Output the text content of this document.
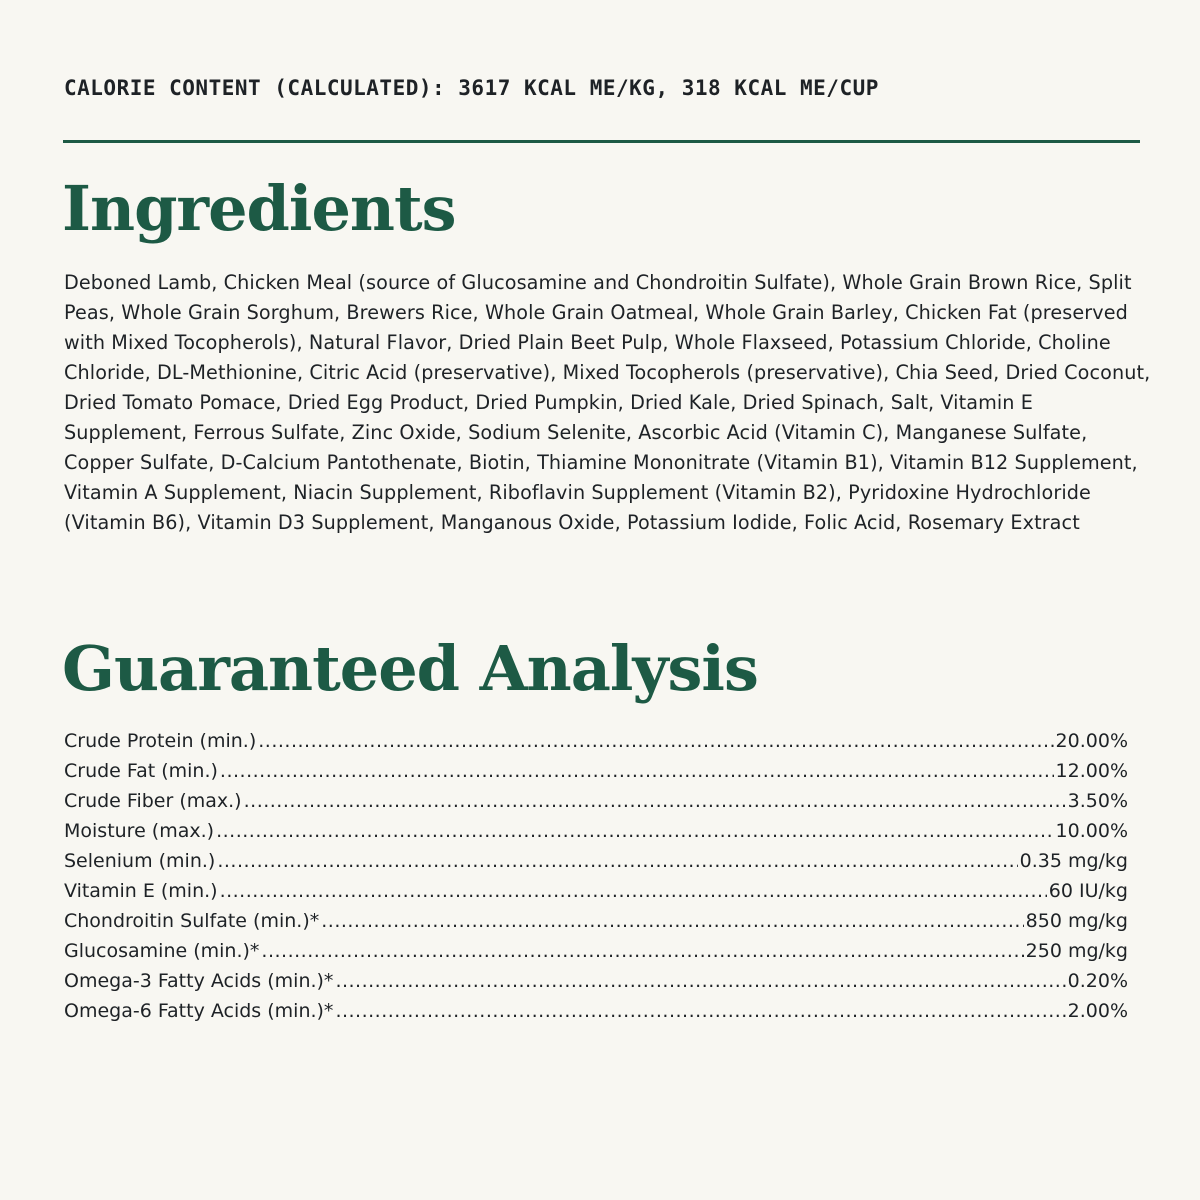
CALORIE CONTENT (CALCULATED): 3617 KCAL ME/KG, 318 KCAL ME/CUP
Ingredients

Deboned Lamb, Chicken Meal (source of Glucosamine and Chondroitin Sulfate), Whole Grain Brown Rice, Split Peas, Whole Grain Sorghum, Brewers Rice, Whole Grain Oatmeal, Whole Grain Barley, Chicken Fat (preserved with Mixed Tocopherols), Natural Flavor, Dried Plain Beet Pulp, Whole Flaxseed, Potassium Chloride, Choline Chloride, DL-Methionine, Citric Acid (preservative), Mixed Tocopherols (preservative), Chia Seed, Dried Coconut, Dried Tomato Pomace, Dried Egg Product, Dried Pumpkin, Dried Kale, Dried Spinach, Salt, Vitamin E Supplement, Ferrous Sulfate, Zinc Oxide, Sodium Selenite, Ascorbic Acid (Vitamin C), Manganese Sulfate, Copper Sulfate, D-Calcium Pantothenate, Biotin, Thiamine Mononitrate (Vitamin B1), Vitamin B12 Supplement, Vitamin A Supplement, Niacin Supplement, Riboflavin Supplement (Vitamin B2), Pyridoxine Hydrochloride (Vitamin B6), Vitamin D3 Supplement, Manganous Oxide, Potassium Iodide, Folic Acid, Rosemary Extract

Guaranteed Analysis
Crude Protein (min.) .....	20.00%
Crude Fat (min.) .....	12.00%
Crude Fiber (max.) .....	3.50%
Moisture (max.) .....	10.00%
Selenium (min.) .....	0.35 mg/kg
Vitamin E (min.) .....	60 IU/kg
Chondroitin Sulfate (min.)* .....	850 mg/kg
Glucosamine (min.)* .....	250 mg/kg
Omega-3 Fatty Acids (min.)* .....	0.20%
Omega-6 Fatty Acids (min.)* .....	2.00%
